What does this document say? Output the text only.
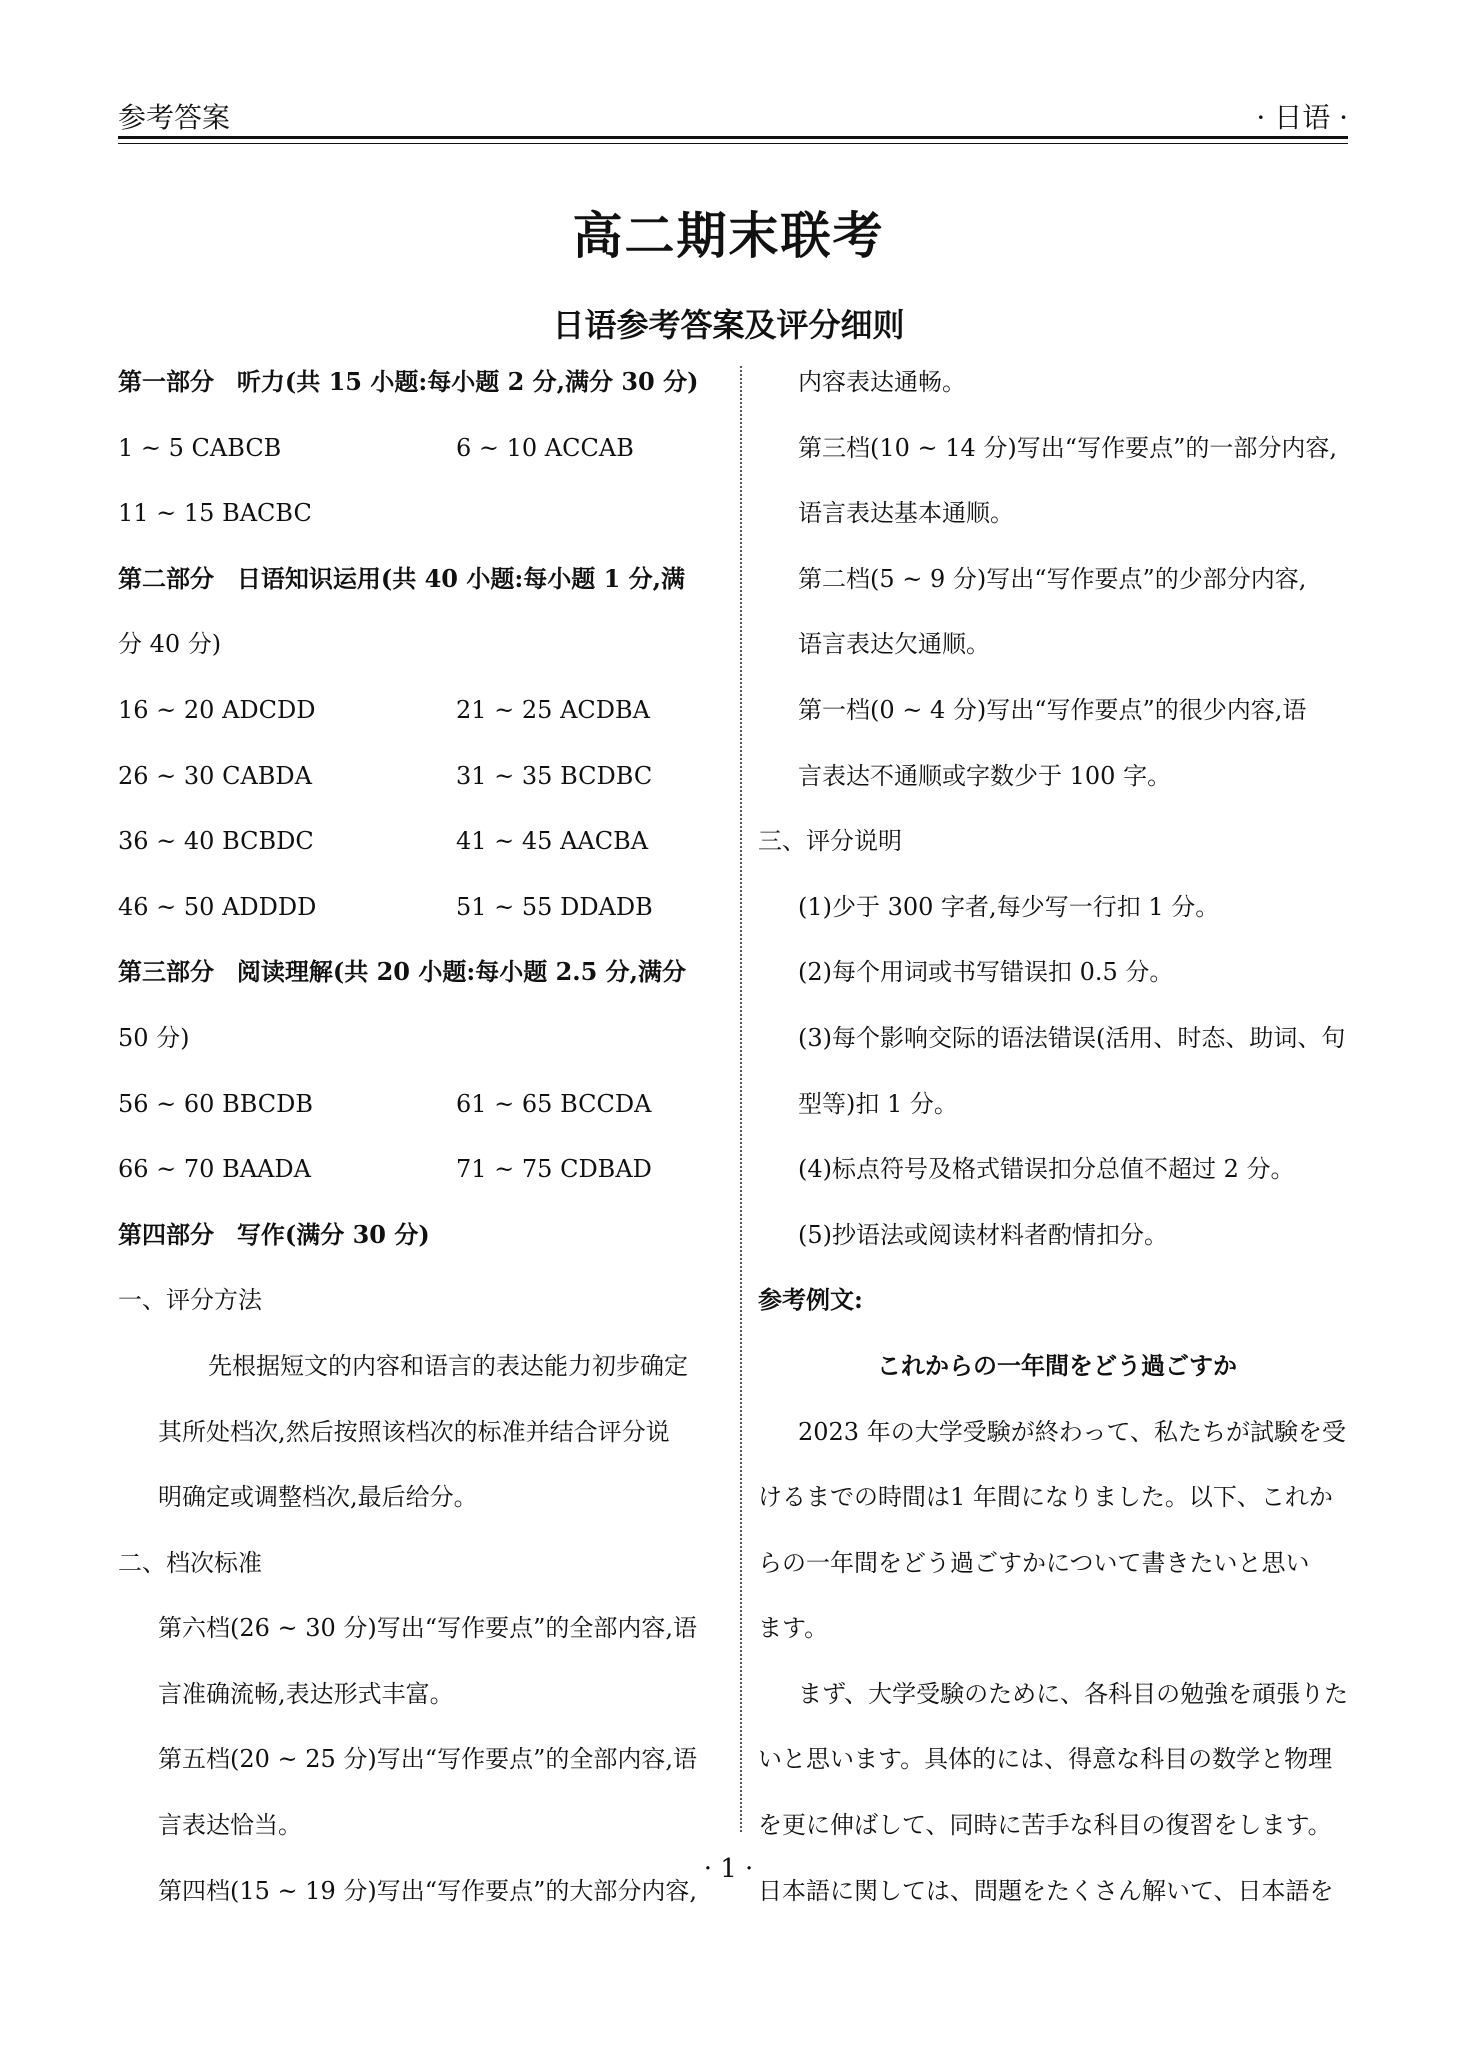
参考答案	· 日语 ·
高二期末联考
日语参考答案及评分细则
第一部分 听力(共 15 小题:每小题 2 分,满分 30 分)
1 ~ 5 CABCB	6 ~ 10 ACCAB
11 ~ 15 BACBC
第二部分 日语知识运用(共 40 小题:每小题 1 分,满
分 40 分)
16 ~ 20 ADCDD	21 ~ 25 ACDBA
26 ~ 30 CABDA	31 ~ 35 BCDBC
36 ~ 40 BCBDC	41 ~ 45 AACBA
46 ~ 50 ADDDD	51 ~ 55 DDADB
第三部分 阅读理解(共 20 小题:每小题 2.5 分,满分
50 分)
56 ~ 60 BBCDB	61 ~ 65 BCCDA
66 ~ 70 BAADA	71 ~ 75 CDBAD
第四部分 写作(满分 30 分)
一、评分方法
先根据短文的内容和语言的表达能力初步确定
其所处档次,然后按照该档次的标准并结合评分说
明确定或调整档次,最后给分。
二、档次标准
第六档(26 ~ 30 分)写出“写作要点”的全部内容,语
言准确流畅,表达形式丰富。
第五档(20 ~ 25 分)写出“写作要点”的全部内容,语
言表达恰当。
第四档(15 ~ 19 分)写出“写作要点”的大部分内容,
内容表达通畅。
第三档(10 ~ 14 分)写出“写作要点”的一部分内容,
语言表达基本通顺。
第二档(5 ~ 9 分)写出“写作要点”的少部分内容,
语言表达欠通顺。
第一档(0 ~ 4 分)写出“写作要点”的很少内容,语
言表达不通顺或字数少于 100 字。
三、评分说明
(1)少于 300 字者,每少写一行扣 1 分。
(2)每个用词或书写错误扣 0.5 分。
(3)每个影响交际的语法错误(活用、时态、助词、句
型等)扣 1 分。
(4)标点符号及格式错误扣分总值不超过 2 分。
(5)抄语法或阅读材料者酌情扣分。
参考例文:
これからの一年間をどう過ごすか
2023 年の大学受験が終わって、私たちが試験を受
けるまでの時間は1 年間になりました。以下、これか
らの一年間をどう過ごすかについて書きたいと思い
ます。
まず、大学受験のために、各科目の勉強を頑張りた
いと思います。具体的には、得意な科目の数学と物理
を更に伸ばして、同時に苦手な科目の復習をします。
日本語に関しては、問題をたくさん解いて、日本語を
· 1 ·
